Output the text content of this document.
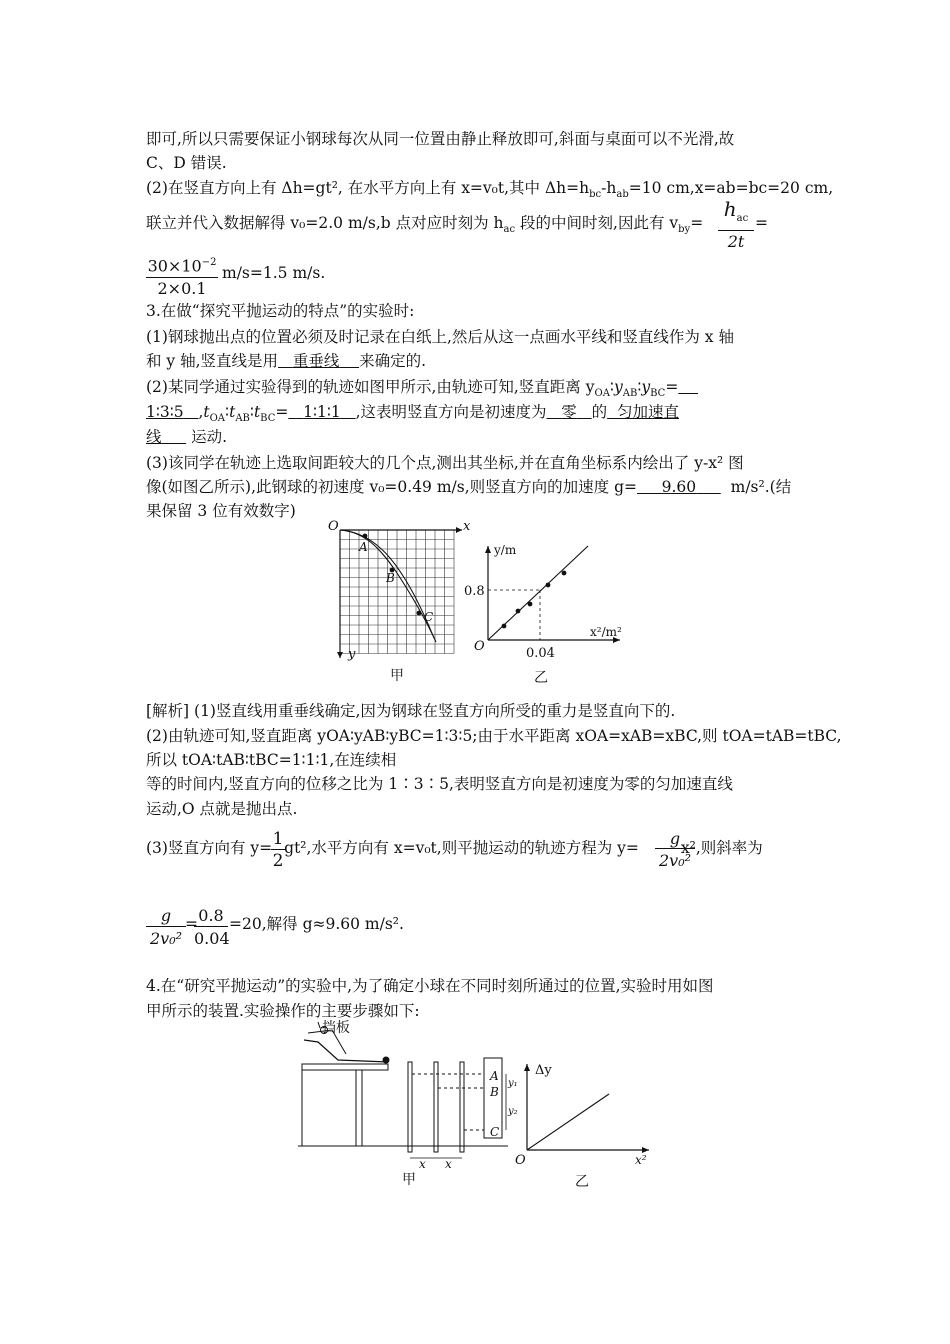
即可,所以只需要保证小钢球每次从同一位置由静止释放即可,斜面与桌面可以不光滑,故
C、D 错误.
(2)在竖直方向上有 Δh=gt², 在水平方向上有 x=v₀t,其中 $\Delta h=h_{bc}-h_{ab}=10$ cm,x=ab=bc=20 cm,
联立并代入数据解得 v₀=2.0 m/s,b 点对应时刻为 $h_{ac}$ 段的中间时刻,因此有 $v_{by}=$
$h_{ac}$
2t
=
$\frac{30\times 10^{-2}}{2\times 0.1} m/s=1.5$ m/s.
3.在做“探究平抛运动的特点”的实验时:
(1)钢球抛出点的位置必须及时记录在白纸上,然后从这一点画水平线和竖直线作为 x 轴
和 y 轴,竖直线是用 重垂线 来确定的.
(2)某同学通过实验得到的轨迹如图甲所示,由轨迹可知,竖直距离 $y_{OA}∶y_{AB}∶y_{BC}=$
1∶3∶5 $,t_{OA}∶t_{AB}∶t_{BC}=$ 1∶1∶1 ,这表明竖直方向是初速度为 零 的 匀加速直
线 运动.
(3)该同学在轨迹上选取间距较大的几个点,测出其坐标,并在直角坐标系内绘出了 y-x² 图
像(如图乙所示),此钢球的初速度 v₀=0.49 m/s,则竖直方向的加速度 g= 9.60 m/s².(结
果保留 3 位有效数字)
O	x
y
A
B
C
甲
y/m
x²/m²
O
0.8
0.04
乙
[解析] (1)竖直线用重垂线确定,因为钢球在竖直方向所受的重力是竖直向下的.
(2)由轨迹可知,竖直距离 yOA∶yAB∶yBC=1∶3∶5;由于水平距离 xOA=xAB=xBC,则 tOA=tAB=tBC,
所以 tOA∶tAB∶tBC=1∶1∶1,在连续相
等的时间内,竖直方向的位移之比为 1∶3∶5,表明竖直方向是初速度为零的匀加速直线
运动,O 点就是抛出点.
(3)竖直方向有 y= gt²,水平方向有 x=v₀t,则平抛运动的轨迹方程为 y=	x²,则斜率为
$\frac{1}{2}$	$\frac{g}{\text{2v₀²}}$
$\frac{g}{\text{2v₀²}}$ =
$\frac{0.8}{0.04} =20$,解得 g≈9.60 m/s².
4.在“研究平抛运动”的实验中,为了确定小球在不同时刻所通过的位置,实验时用如图
甲所示的装置.实验操作的主要步骤如下:
挡板
A
B
C
y₁
y₂
x x
甲
Δy
x²
O
乙
